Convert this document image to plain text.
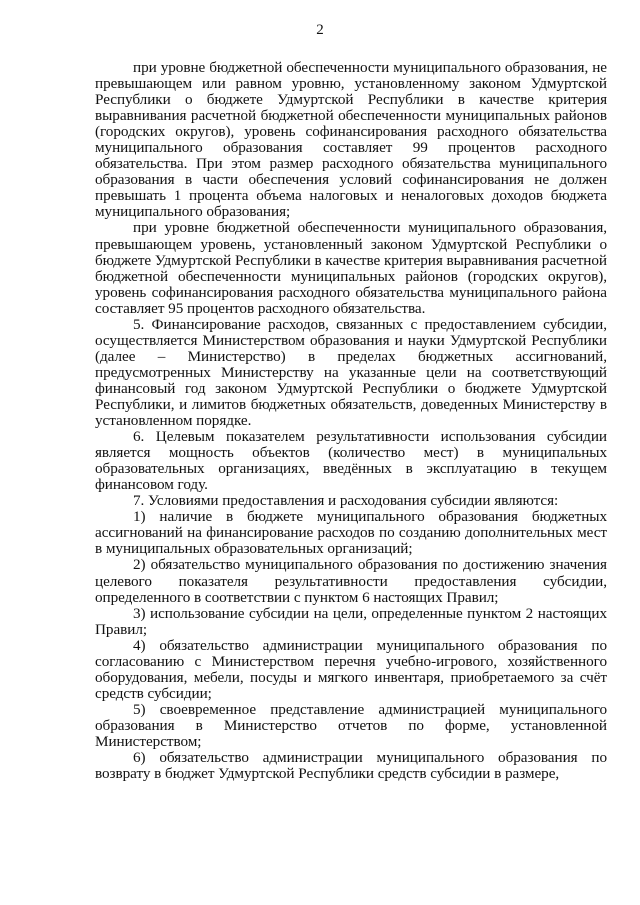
2

при уровне бюджетной обеспеченности муниципального образования, не превышающем или равном уровню, установленному законом Удмуртской Республики о бюджете Удмуртской Республики в качестве критерия выравнивания расчетной бюджетной обеспеченности муниципальных районов (городских округов), уровень софинансирования расходного обязательства муниципального образования составляет 99 процентов расходного обязательства. При этом размер расходного обязательства муниципального образования в части обеспечения условий софинансирования не должен превышать 1 процента объема налоговых и неналоговых доходов бюджета муниципального образования;

при уровне бюджетной обеспеченности муниципального образования, превышающем уровень, установленный законом Удмуртской Республики о бюджете Удмуртской Республики в качестве критерия выравнивания расчетной бюджетной обеспеченности муниципальных районов (городских округов), уровень софинансирования расходного обязательства муниципального района составляет 95 процентов расходного обязательства.

5. Финансирование расходов, связанных с предоставлением субсидии, осуществляется Министерством образования и науки Удмуртской Республики (далее – Министерство) в пределах бюджетных ассигнований, предусмотренных Министерству на указанные цели на соответствующий финансовый год законом Удмуртской Республики о бюджете Удмуртской Республики, и лимитов бюджетных обязательств, доведенных Министерству в установленном порядке.

6. Целевым показателем результативности использования субсидии является мощность объектов (количество мест) в муниципальных образовательных организациях, введённых в эксплуатацию в текущем финансовом году.

7. Условиями предоставления и расходования субсидии являются:

1) наличие в бюджете муниципального образования бюджетных ассигнований на финансирование расходов по созданию дополнительных мест в муниципальных образовательных организаций;

2) обязательство муниципального образования по достижению значения целевого показателя результативности предоставления субсидии, определенного в соответствии с пунктом 6 настоящих Правил;

3) использование субсидии на цели, определенные пунктом 2 настоящих Правил;

4) обязательство администрации муниципального образования по согласованию с Министерством перечня учебно-игрового, хозяйственного оборудования, мебели, посуды и мягкого инвентаря, приобретаемого за счёт средств субсидии;

5) своевременное представление администрацией муниципального образования в Министерство отчетов по форме, установленной Министерством;

6) обязательство администрации муниципального образования по возврату в бюджет Удмуртской Республики средств субсидии в размере,
